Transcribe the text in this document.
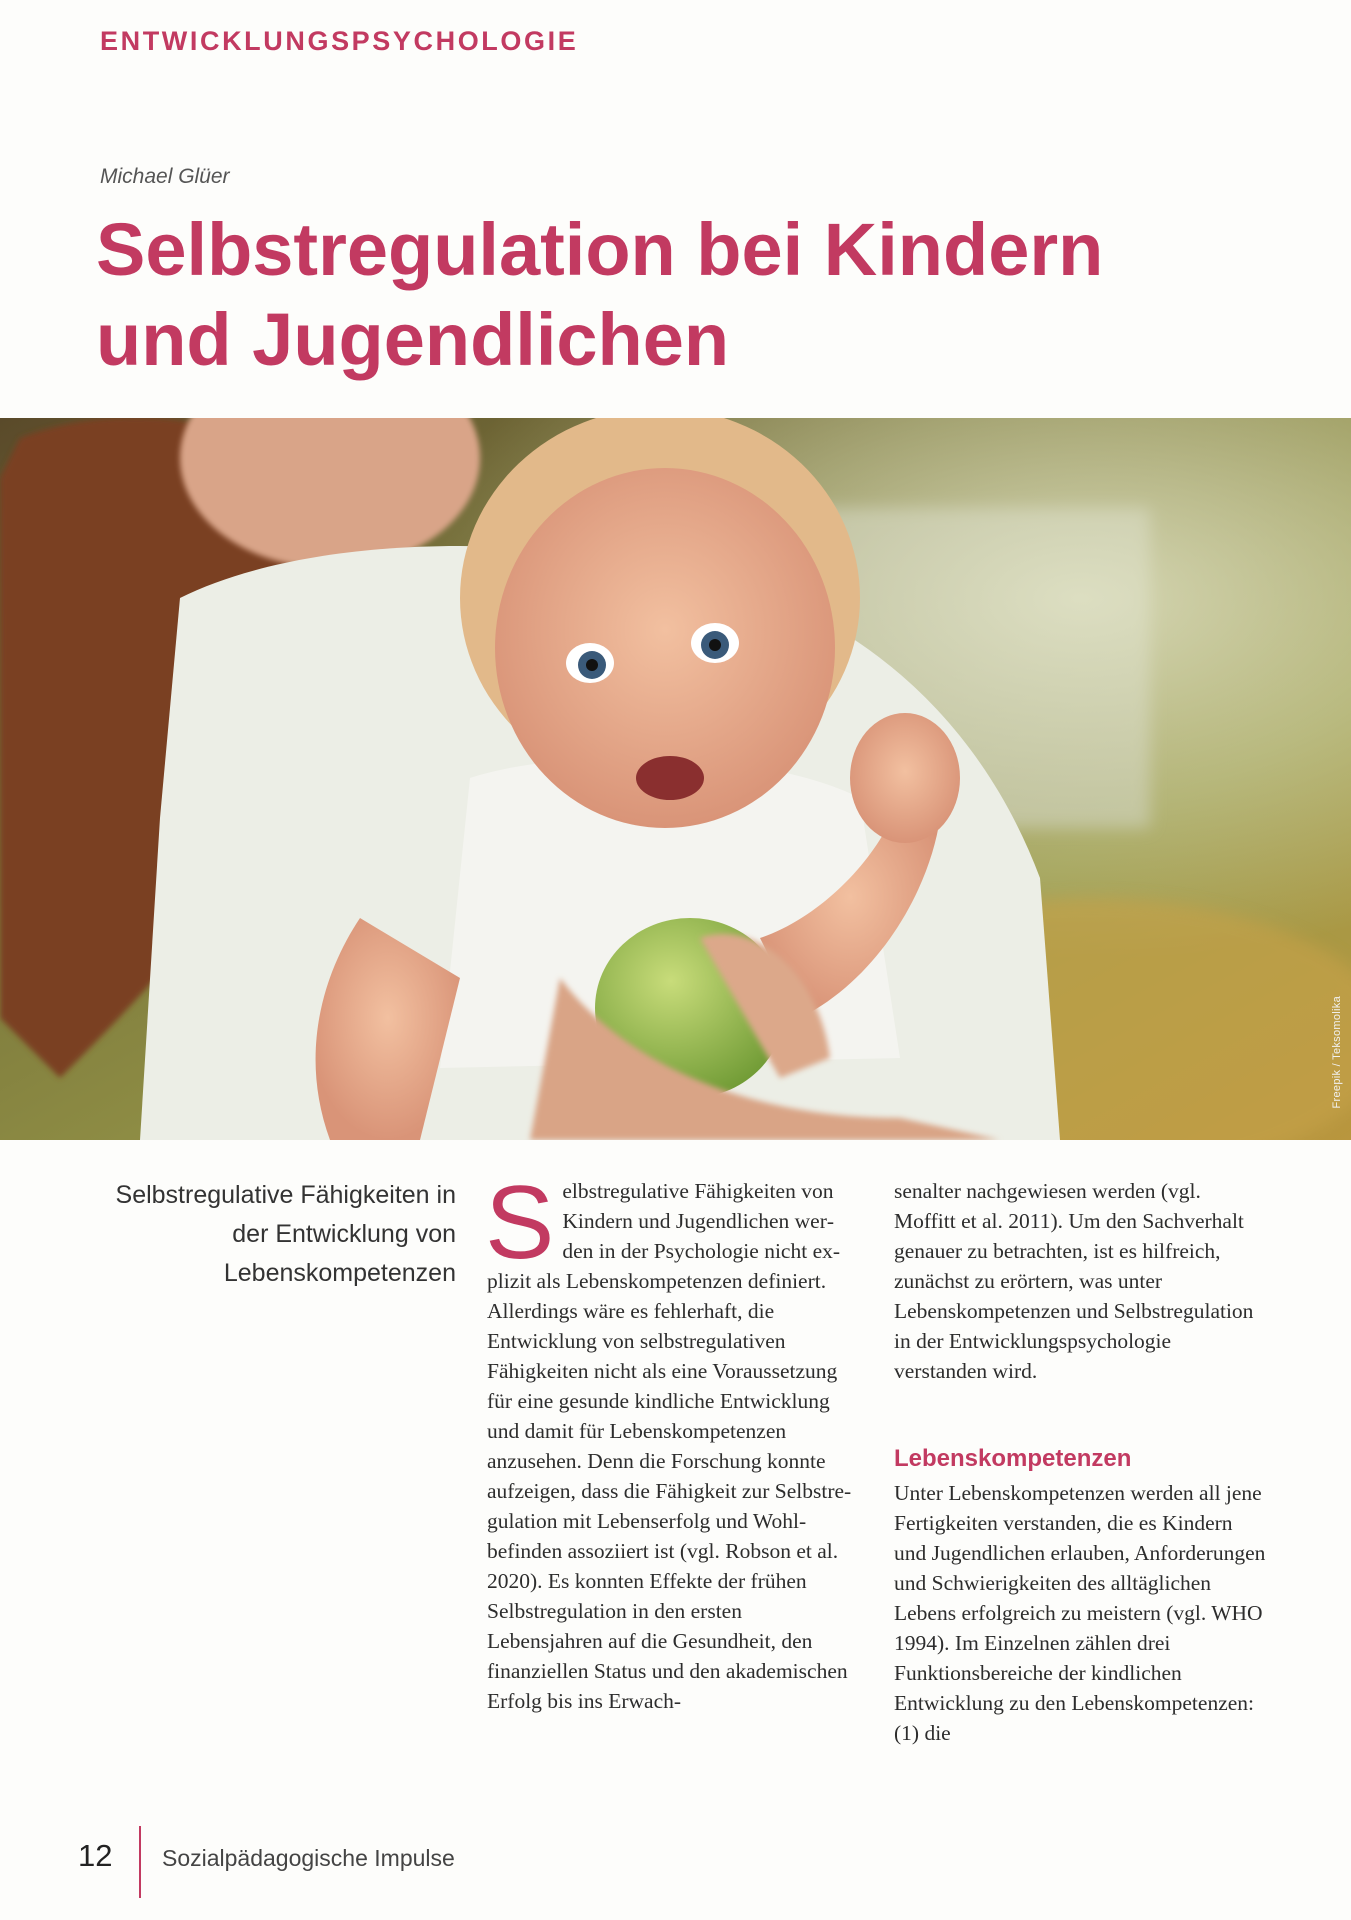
ENTWICKLUNGSPSYCHOLOGIE
Michael Glüer
Selbstregulation bei Kindern und Jugendlichen
Freepik / Teksomolika
Selbstregulative Fähigkeiten in der Entwicklung von Lebenskompetenzen Selbstregulative Fähigkeiten von Kindern und Jugendlichen werden in der Psychologie nicht explizit als Lebenskompetenzen definiert. Allerdings wäre es fehlerhaft, die Entwicklung von selbstregulativen Fähigkeiten nicht als eine Voraussetzung für eine gesunde kindliche Entwicklung und damit für Lebenskompetenzen anzusehen. Denn die Forschung konnte aufzeigen, dass die Fähigkeit zur Selbstregulation mit Lebenserfolg und Wohlbefinden assoziiert ist (vgl. Robson et al. 2020). Es konnten Effekte der frühen Selbstregulation in den ersten Lebensjahren auf die Gesundheit, den finanziellen Status und den akademischen Erfolg bis ins Erwach-

senalter nachgewiesen werden (vgl. Moffitt et al. 2011). Um den Sachverhalt genauer zu betrachten, ist es hilfreich, zunächst zu erörtern, was unter Lebenskompetenzen und Selbstregulation in der Entwicklungspsychologie verstanden wird.

Lebenskompetenzen

Unter Lebenskompetenzen werden all jene Fertigkeiten verstanden, die es Kindern und Jugendlichen erlauben, Anforderungen und Schwierigkeiten des alltäglichen Lebens erfolgreich zu meistern (vgl. WHO 1994). Im Einzelnen zählen drei Funktionsbereiche der kindlichen Entwicklung zu den Lebenskompetenzen: (1) die

12 Sozialpädagogische Impulse
